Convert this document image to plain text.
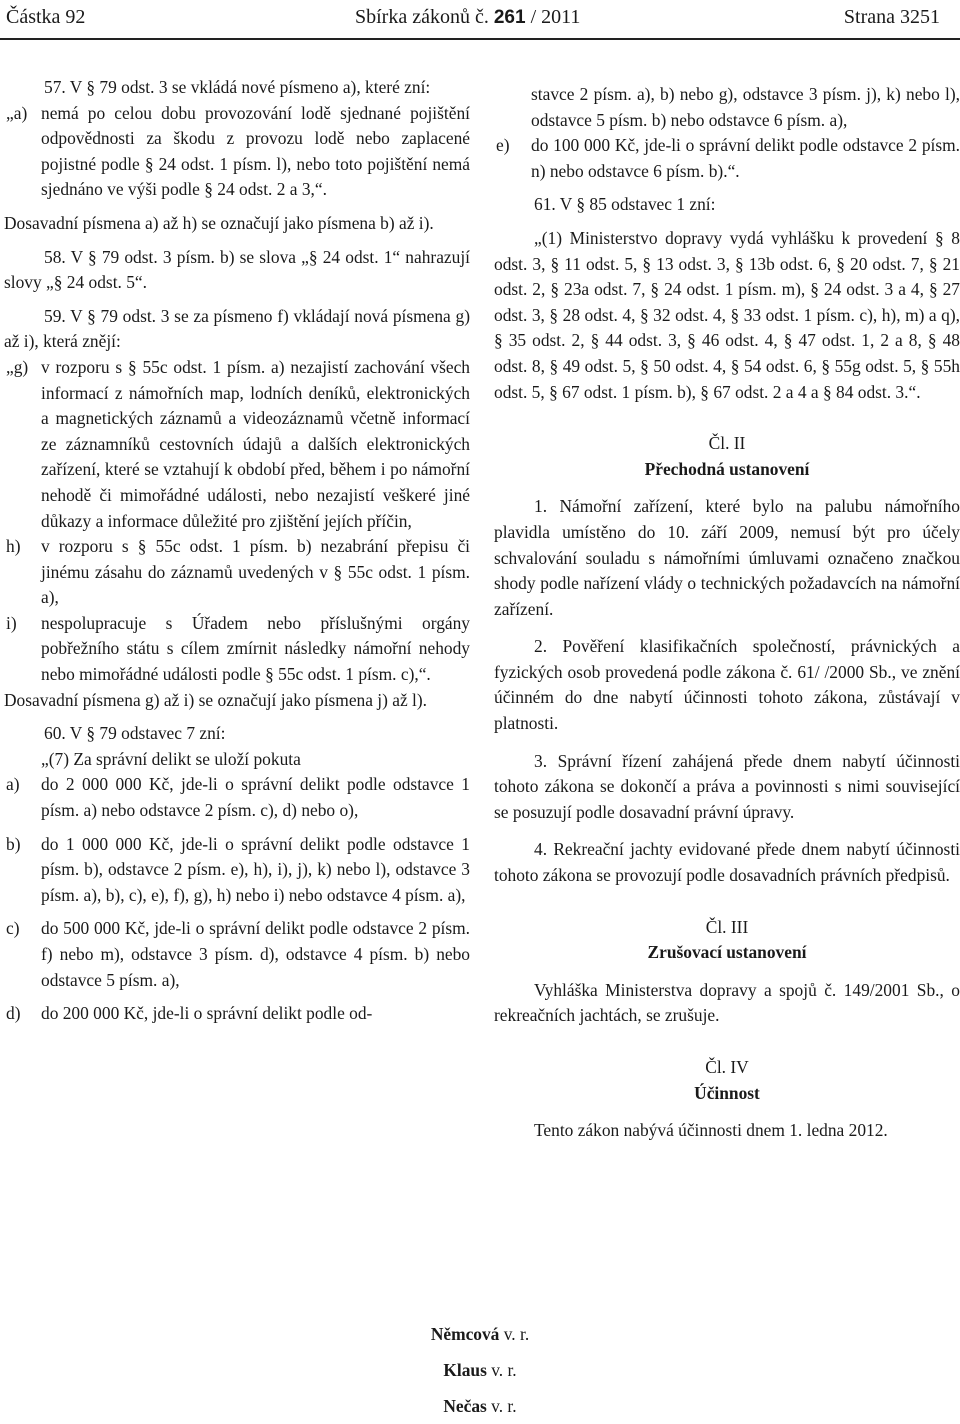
Částka 92	Sbírka zákonů č. 261 / 2011	Strana 3251

57. V § 79 odst. 3 se vkládá nové písmeno a), které zní:

„a) nemá po celou dobu provozování lodě sjednané pojištění odpovědnosti za škodu z provozu lodě nebo zaplacené pojistné podle § 24 odst. 1 písm. l), nebo toto pojištění nemá sjednáno ve výši podle § 24 odst. 2 a 3,“.

Dosavadní písmena a) až h) se označují jako písmena b) až i).

58. V § 79 odst. 3 písm. b) se slova „§ 24 odst. 1“ nahrazují slovy „§ 24 odst. 5“.

59. V § 79 odst. 3 se za písmeno f) vkládají nová písmena g) až i), která znějí:

„g) v rozporu s § 55c odst. 1 písm. a) nezajistí zachování všech informací z námořních map, lodních deníků, elektronických a magnetických záznamů a videozáznamů včetně informací ze záznamníků cestovních údajů a dalších elektronických zařízení, které se vztahují k období před, během i po námořní nehodě či mimořádné události, nebo nezajistí veškeré jiné důkazy a informace důležité pro zjištění jejích příčin,

h) v rozporu s § 55c odst. 1 písm. b) nezabrání přepisu či jinému zásahu do záznamů uvedených v § 55c odst. 1 písm. a),

i) nespolupracuje s Úřadem nebo příslušnými orgány pobřežního státu s cílem zmírnit následky námořní nehody nebo mimořádné události podle § 55c odst. 1 písm. c),“.

Dosavadní písmena g) až i) se označují jako písmena j) až l).

60. V § 79 odstavec 7 zní:

„(7) Za správní delikt se uloží pokuta

a) do 2 000 000 Kč, jde-li o správní delikt podle odstavce 1 písm. a) nebo odstavce 2 písm. c), d) nebo o),

b) do 1 000 000 Kč, jde-li o správní delikt podle odstavce 1 písm. b), odstavce 2 písm. e), h), i), j), k) nebo l), odstavce 3 písm. a), b), c), e), f), g), h) nebo i) nebo odstavce 4 písm. a),

c) do 500 000 Kč, jde-li o správní delikt podle odstavce 2 písm. f) nebo m), odstavce 3 písm. d), odstavce 4 písm. b) nebo odstavce 5 písm. a),

d) do 200 000 Kč, jde-li o správní delikt podle od-

stavce 2 písm. a), b) nebo g), odstavce 3 písm. j), k) nebo l), odstavce 5 písm. b) nebo odstavce 6 písm. a),

e) do 100 000 Kč, jde-li o správní delikt podle odstavce 2 písm. n) nebo odstavce 6 písm. b).“.

61. V § 85 odstavec 1 zní:

„(1) Ministerstvo dopravy vydá vyhlášku k provedení § 8 odst. 3, § 11 odst. 5, § 13 odst. 3, § 13b odst. 6, § 20 odst. 7, § 21 odst. 2, § 23a odst. 7, § 24 odst. 1 písm. m), § 24 odst. 3 a 4, § 27 odst. 3, § 28 odst. 4, § 32 odst. 4, § 33 odst. 1 písm. c), h), m) a q), § 35 odst. 2, § 44 odst. 3, § 46 odst. 4, § 47 odst. 1, 2 a 8, § 48 odst. 8, § 49 odst. 5, § 50 odst. 4, § 54 odst. 6, § 55g odst. 5, § 55h odst. 5, § 67 odst. 1 písm. b), § 67 odst. 2 a 4 a § 84 odst. 3.“.

Čl. II

Přechodná ustanovení

1. Námořní zařízení, které bylo na palubu námořního plavidla umístěno do 10. září 2009, nemusí být pro účely schvalování souladu s námořními úmluvami označeno značkou shody podle nařízení vlády o technických požadavcích na námořní zařízení.

2. Pověření klasifikačních společností, právnických a fyzických osob provedená podle zákona č. 61/ /2000 Sb., ve znění účinném do dne nabytí účinnosti tohoto zákona, zůstávají v platnosti.

3. Správní řízení zahájená přede dnem nabytí účinnosti tohoto zákona se dokončí a práva a povinnosti s nimi související se posuzují podle dosavadní právní úpravy.

4. Rekreační jachty evidované přede dnem nabytí účinnosti tohoto zákona se provozují podle dosavadních právních předpisů.

Čl. III

Zrušovací ustanovení

Vyhláška Ministerstva dopravy a spojů č. 149/2001 Sb., o rekreačních jachtách, se zrušuje.

Čl. IV

Účinnost

Tento zákon nabývá účinnosti dnem 1. ledna 2012.

Němcová v. r.
Klaus v. r.
Nečas v. r.
